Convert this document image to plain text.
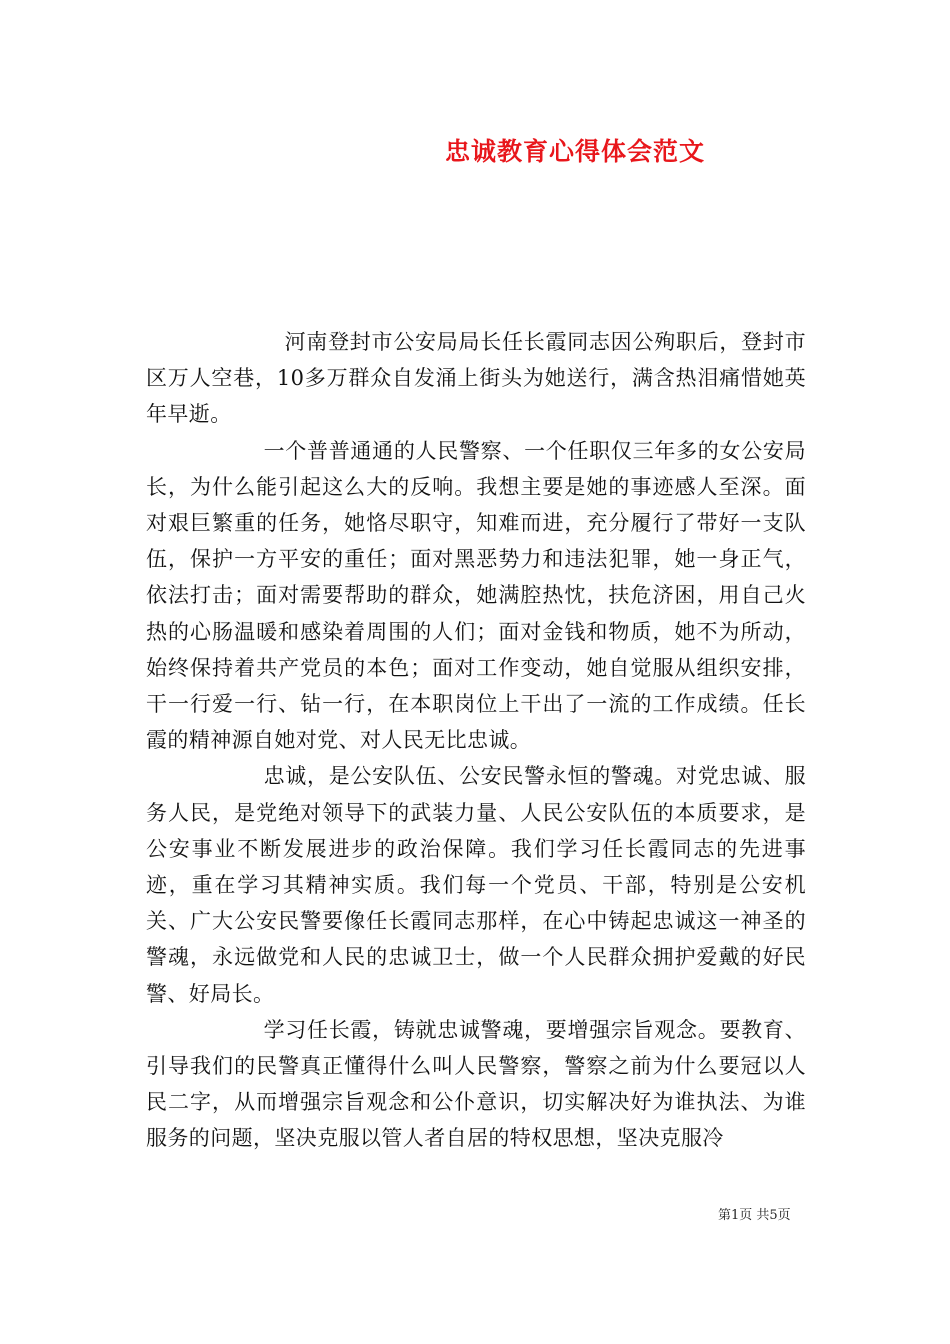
忠诚教育心得体会范文

河南登封市公安局局长任长霞同志因公殉职后，登封市区万人空巷，10多万群众自发涌上街头为她送行，满含热泪痛惜她英年早逝。

一个普普通通的人民警察、一个任职仅三年多的女公安局长，为什么能引起这么大的反响。我想主要是她的事迹感人至深。面对艰巨繁重的任务，她恪尽职守，知难而进，充分履行了带好一支队伍，保护一方平安的重任；面对黑恶势力和违法犯罪，她一身正气，依法打击；面对需要帮助的群众，她满腔热忱，扶危济困，用自己火热的心肠温暖和感染着周围的人们；面对金钱和物质，她不为所动，始终保持着共产党员的本色；面对工作变动，她自觉服从组织安排，干一行爱一行、钻一行，在本职岗位上干出了一流的工作成绩。任长霞的精神源自她对党、对人民无比忠诚。

忠诚，是公安队伍、公安民警永恒的警魂。对党忠诚、服务人民，是党绝对领导下的武装力量、人民公安队伍的本质要求，是公安事业不断发展进步的政治保障。我们学习任长霞同志的先进事迹，重在学习其精神实质。我们每一个党员、干部，特别是公安机关、广大公安民警要像任长霞同志那样，在心中铸起忠诚这一神圣的警魂，永远做党和人民的忠诚卫士，做一个人民群众拥护爱戴的好民警、好局长。

学习任长霞，铸就忠诚警魂，要增强宗旨观念。要教育、引导我们的民警真正懂得什么叫人民警察，警察之前为什么要冠以人民二字，从而增强宗旨观念和公仆意识，切实解决好为谁执法、为谁服务的问题，坚决克服以管人者自居的特权思想，坚决克服冷

第1页 共5页
